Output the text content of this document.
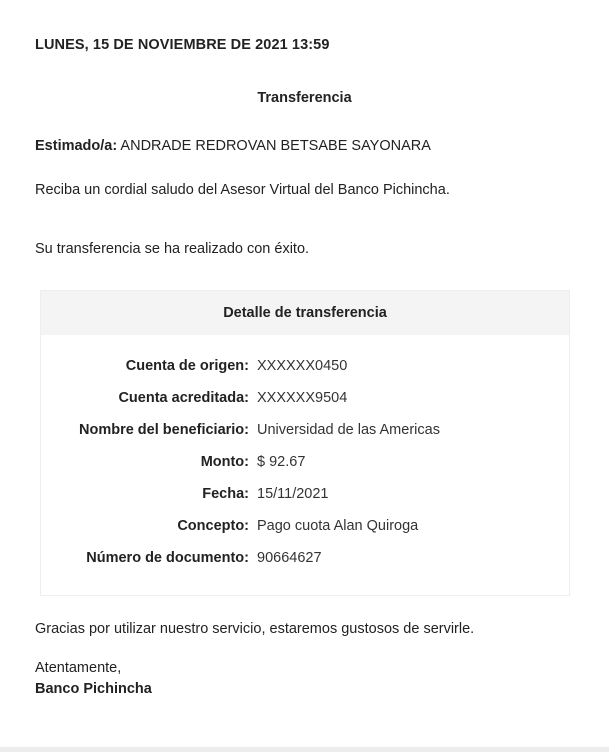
LUNES, 15 DE NOVIEMBRE DE 2021 13:59
Transferencia
Estimado/a: ANDRADE REDROVAN BETSABE SAYONARA
Reciba un cordial saludo del Asesor Virtual del Banco Pichincha.
Su transferencia se ha realizado con éxito.
Detalle de transferencia
Cuenta de origen: XXXXXX0450
Cuenta acreditada: XXXXXX9504
Nombre del beneficiario: Universidad de las Americas
Monto: $ 92.67
Fecha: 15/11/2021
Concepto: Pago cuota Alan Quiroga
Número de documento: 90664627
Gracias por utilizar nuestro servicio, estaremos gustosos de servirle.
Atentamente,
Banco Pichincha
